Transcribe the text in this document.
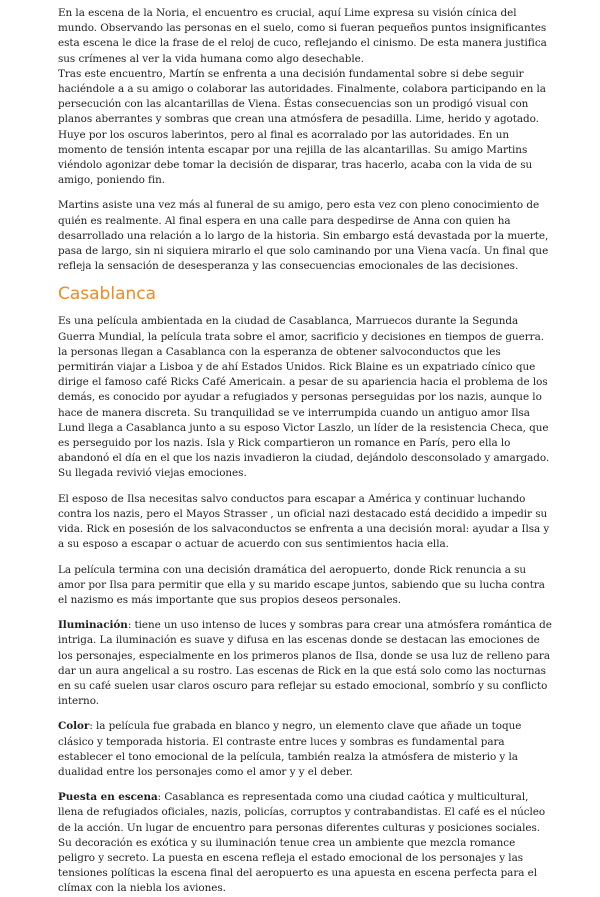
En la escena de la Noria, el encuentro es crucial, aquí Lime expresa su visión cínica del mundo. Observando las personas en el suelo, como si fueran pequeños puntos insignificantes esta escena le dice la frase de el reloj de cuco, reflejando el cinismo. De esta manera justifica sus crímenes al ver la vida humana como algo desechable.

Tras este encuentro, Martín se enfrenta a una decisión fundamental sobre si debe seguir haciéndole a a su amigo o colaborar las autoridades. Finalmente, colabora participando en la persecución con las alcantarillas de Viena. Éstas consecuencias son un prodigó visual con planos aberrantes y sombras que crean una atmósfera de pesadilla. Lime, herido y agotado. Huye por los oscuros laberintos, pero al final es acorralado por las autoridades. En un momento de tensión intenta escapar por una rejilla de las alcantarillas. Su amigo Martins viéndolo agonizar debe tomar la decisión de disparar, tras hacerlo, acaba con la vida de su amigo, poniendo fin.

Martins asiste una vez más al funeral de su amigo, pero esta vez con pleno conocimiento de quién es realmente. Al final espera en una calle para despedirse de Anna con quien ha desarrollado una relación a lo largo de la historia. Sin embargo está devastada por la muerte, pasa de largo, sin ni siquiera mirarlo el que solo caminando por una Viena vacía. Un final que refleja la sensación de desesperanza y las consecuencias emocionales de las decisiones.

Casablanca

Es una película ambientada en la ciudad de Casablanca, Marruecos durante la Segunda Guerra Mundial, la película trata sobre el amor, sacrificio y decisiones en tiempos de guerra. la personas llegan a Casablanca con la esperanza de obtener salvoconductos que les permitirán viajar a Lisboa y de ahí Estados Unidos. Rick Blaine es un expatriado cínico que dirige el famoso café Ricks Café Americain. a pesar de su apariencia hacia el problema de los demás, es conocido por ayudar a refugiados y personas perseguidas por los nazis, aunque lo hace de manera discreta. Su tranquilidad se ve interrumpida cuando un antiguo amor Ilsa Lund llega a Casablanca junto a su esposo Victor Laszlo, un líder de la resistencia Checa, que es perseguido por los nazis. Isla y Rick compartieron un romance en París, pero ella lo abandonó el día en el que los nazis invadieron la ciudad, dejándolo desconsolado y amargado. Su llegada revivió viejas emociones.

El esposo de Ilsa necesitas salvo conductos para escapar a América y continuar luchando contra los nazis, pero el Mayos Strasser , un oficial nazi destacado está decidido a impedir su vida. Rick en posesión de los salvaconductos se enfrenta a una decisión moral: ayudar a Ilsa y a su esposo a escapar o actuar de acuerdo con sus sentimientos hacia ella.

La película termina con una decisión dramática del aeropuerto, donde Rick renuncia a su amor por Ilsa para permitir que ella y su marido escape juntos, sabiendo que su lucha contra el nazismo es más importante que sus propios deseos personales.

Iluminación: tiene un uso intenso de luces y sombras para crear una atmósfera romántica de intriga. La iluminación es suave y difusa en las escenas donde se destacan las emociones de los personajes, especialmente en los primeros planos de Ilsa, donde se usa luz de relleno para dar un aura angelical a su rostro. Las escenas de Rick en la que está solo como las nocturnas en su café suelen usar claros oscuro para reflejar su estado emocional, sombrío y su conflicto interno.

Color: la película fue grabada en blanco y negro, un elemento clave que añade un toque clásico y temporada historia. El contraste entre luces y sombras es fundamental para establecer el tono emocional de la película, también realza la atmósfera de misterio y la dualidad entre los personajes como el amor y y el deber.

Puesta en escena: Casablanca es representada como una ciudad caótica y multicultural, llena de refugiados oficiales, nazis, policías, corruptos y contrabandistas. El café es el núcleo de la acción. Un lugar de encuentro para personas diferentes culturas y posiciones sociales. Su decoración es exótica y su iluminación tenue crea un ambiente que mezcla romance peligro y secreto. La puesta en escena refleja el estado emocional de los personajes y las tensiones políticas la escena final del aeropuerto es una apuesta en escena perfecta para el clímax con la niebla los aviones.
